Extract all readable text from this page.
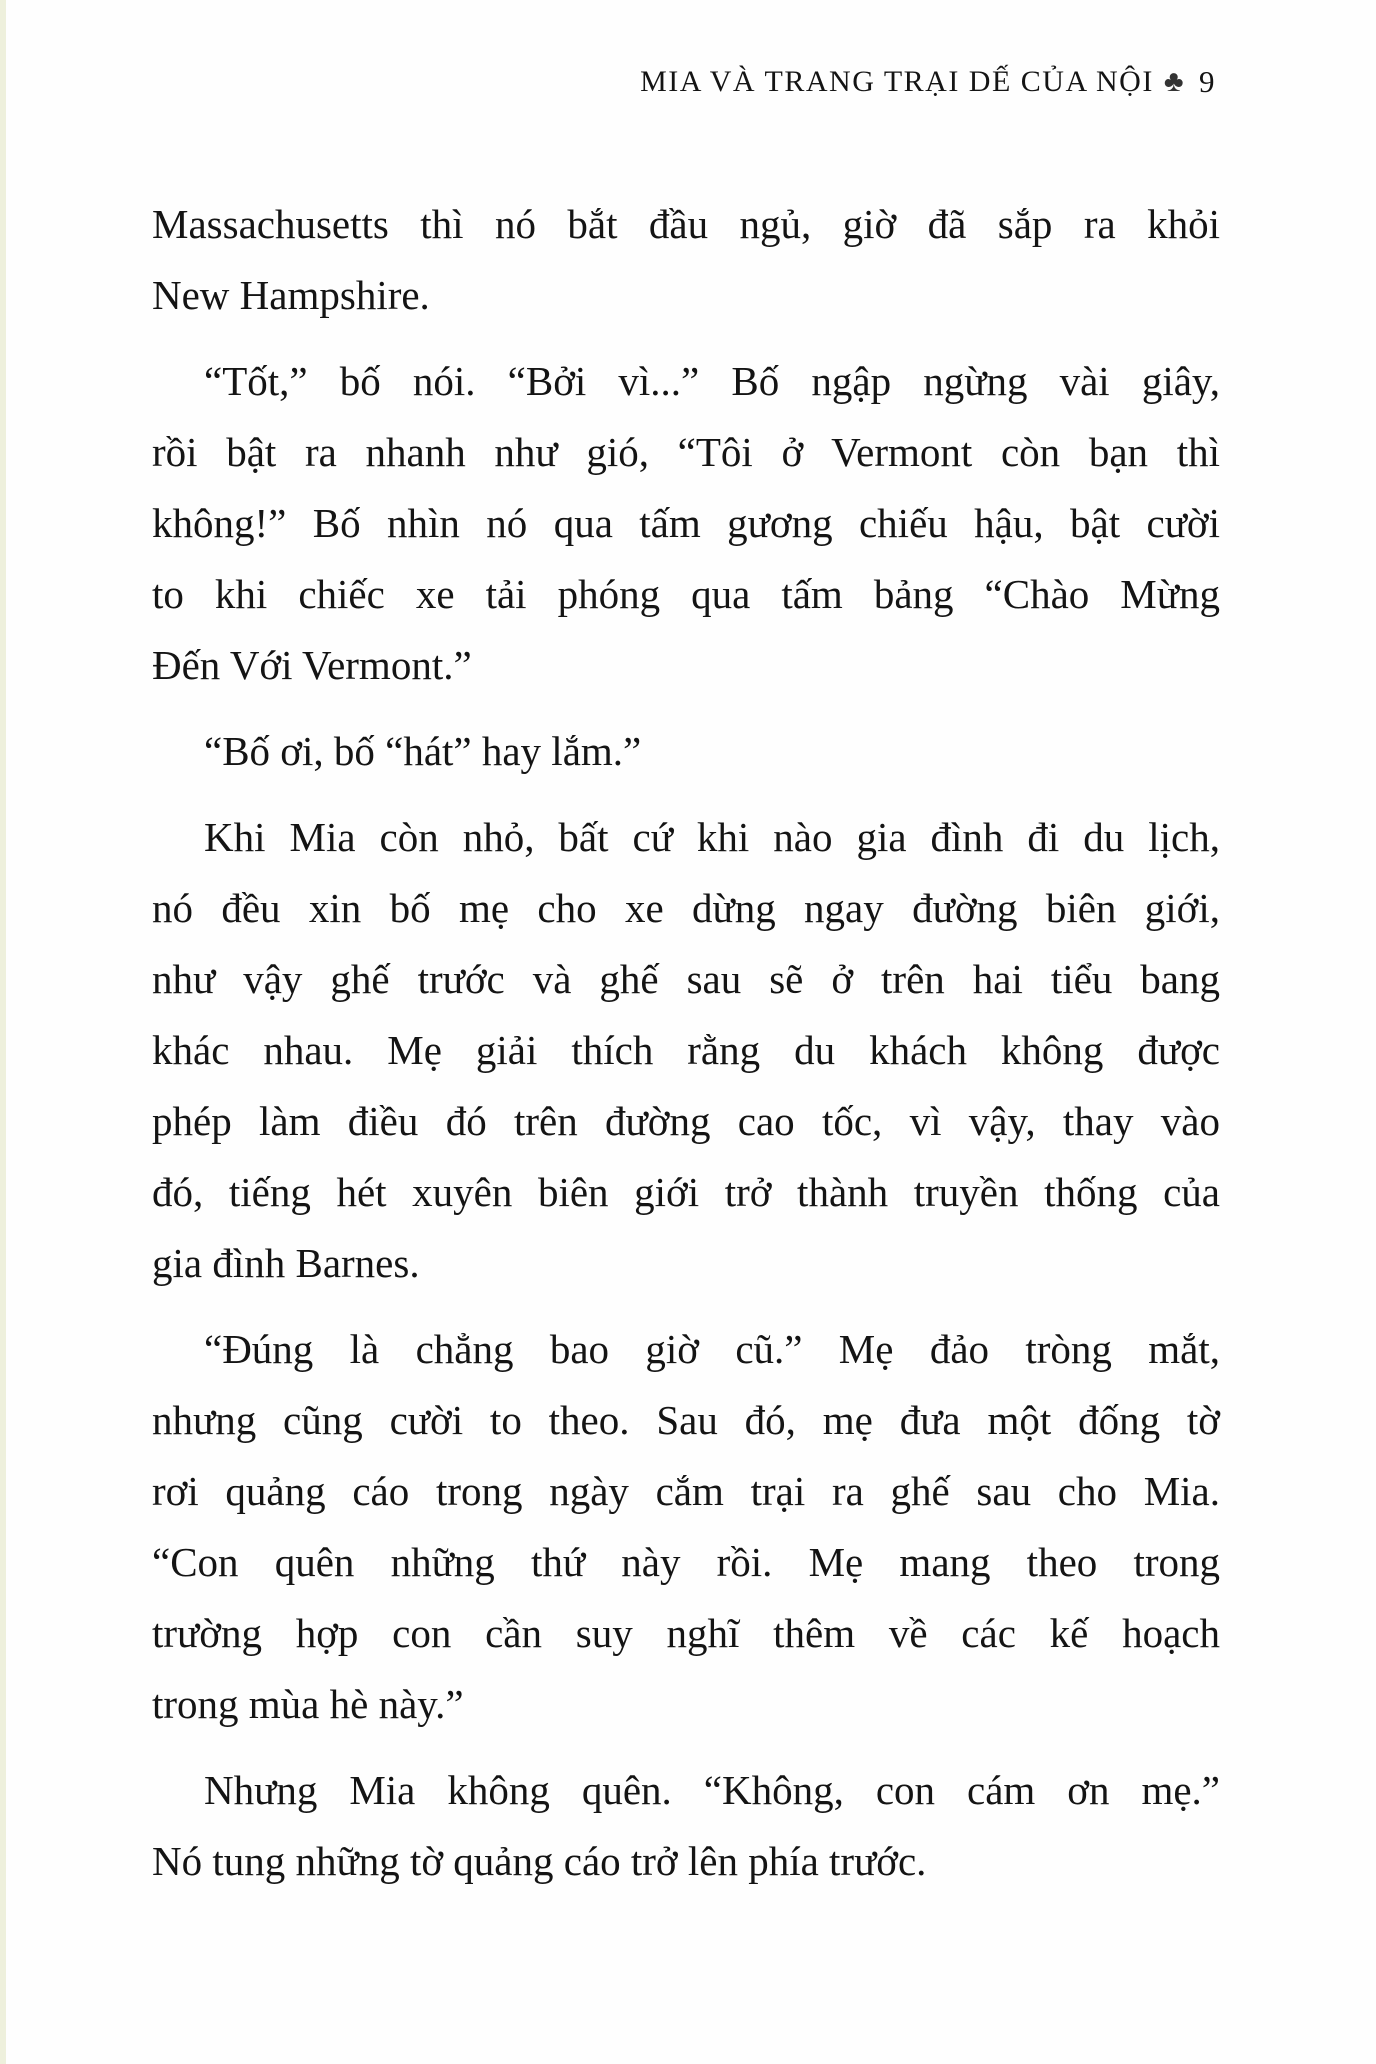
MIA VÀ TRANG TRẠI DẾ CỦA NỘI ♣ 9
Massachusetts thì nó bắt đầu ngủ, giờ đã sắp ra khỏi
New Hampshire.
“Tốt,” bố nói. “Bởi vì...” Bố ngập ngừng vài giây,
rồi bật ra nhanh như gió, “Tôi ở Vermont còn bạn thì
không!” Bố nhìn nó qua tấm gương chiếu hậu, bật cười
to khi chiếc xe tải phóng qua tấm bảng “Chào Mừng
Đến Với Vermont.”
“Bố ơi, bố “hát” hay lắm.”
Khi Mia còn nhỏ, bất cứ khi nào gia đình đi du lịch,
nó đều xin bố mẹ cho xe dừng ngay đường biên giới,
như vậy ghế trước và ghế sau sẽ ở trên hai tiểu bang
khác nhau. Mẹ giải thích rằng du khách không được
phép làm điều đó trên đường cao tốc, vì vậy, thay vào
đó, tiếng hét xuyên biên giới trở thành truyền thống của
gia đình Barnes.
“Đúng là chẳng bao giờ cũ.” Mẹ đảo tròng mắt,
nhưng cũng cười to theo. Sau đó, mẹ đưa một đống tờ
rơi quảng cáo trong ngày cắm trại ra ghế sau cho Mia.
“Con quên những thứ này rồi. Mẹ mang theo trong
trường hợp con cần suy nghĩ thêm về các kế hoạch
trong mùa hè này.”
Nhưng Mia không quên. “Không, con cám ơn mẹ.”
Nó tung những tờ quảng cáo trở lên phía trước.
